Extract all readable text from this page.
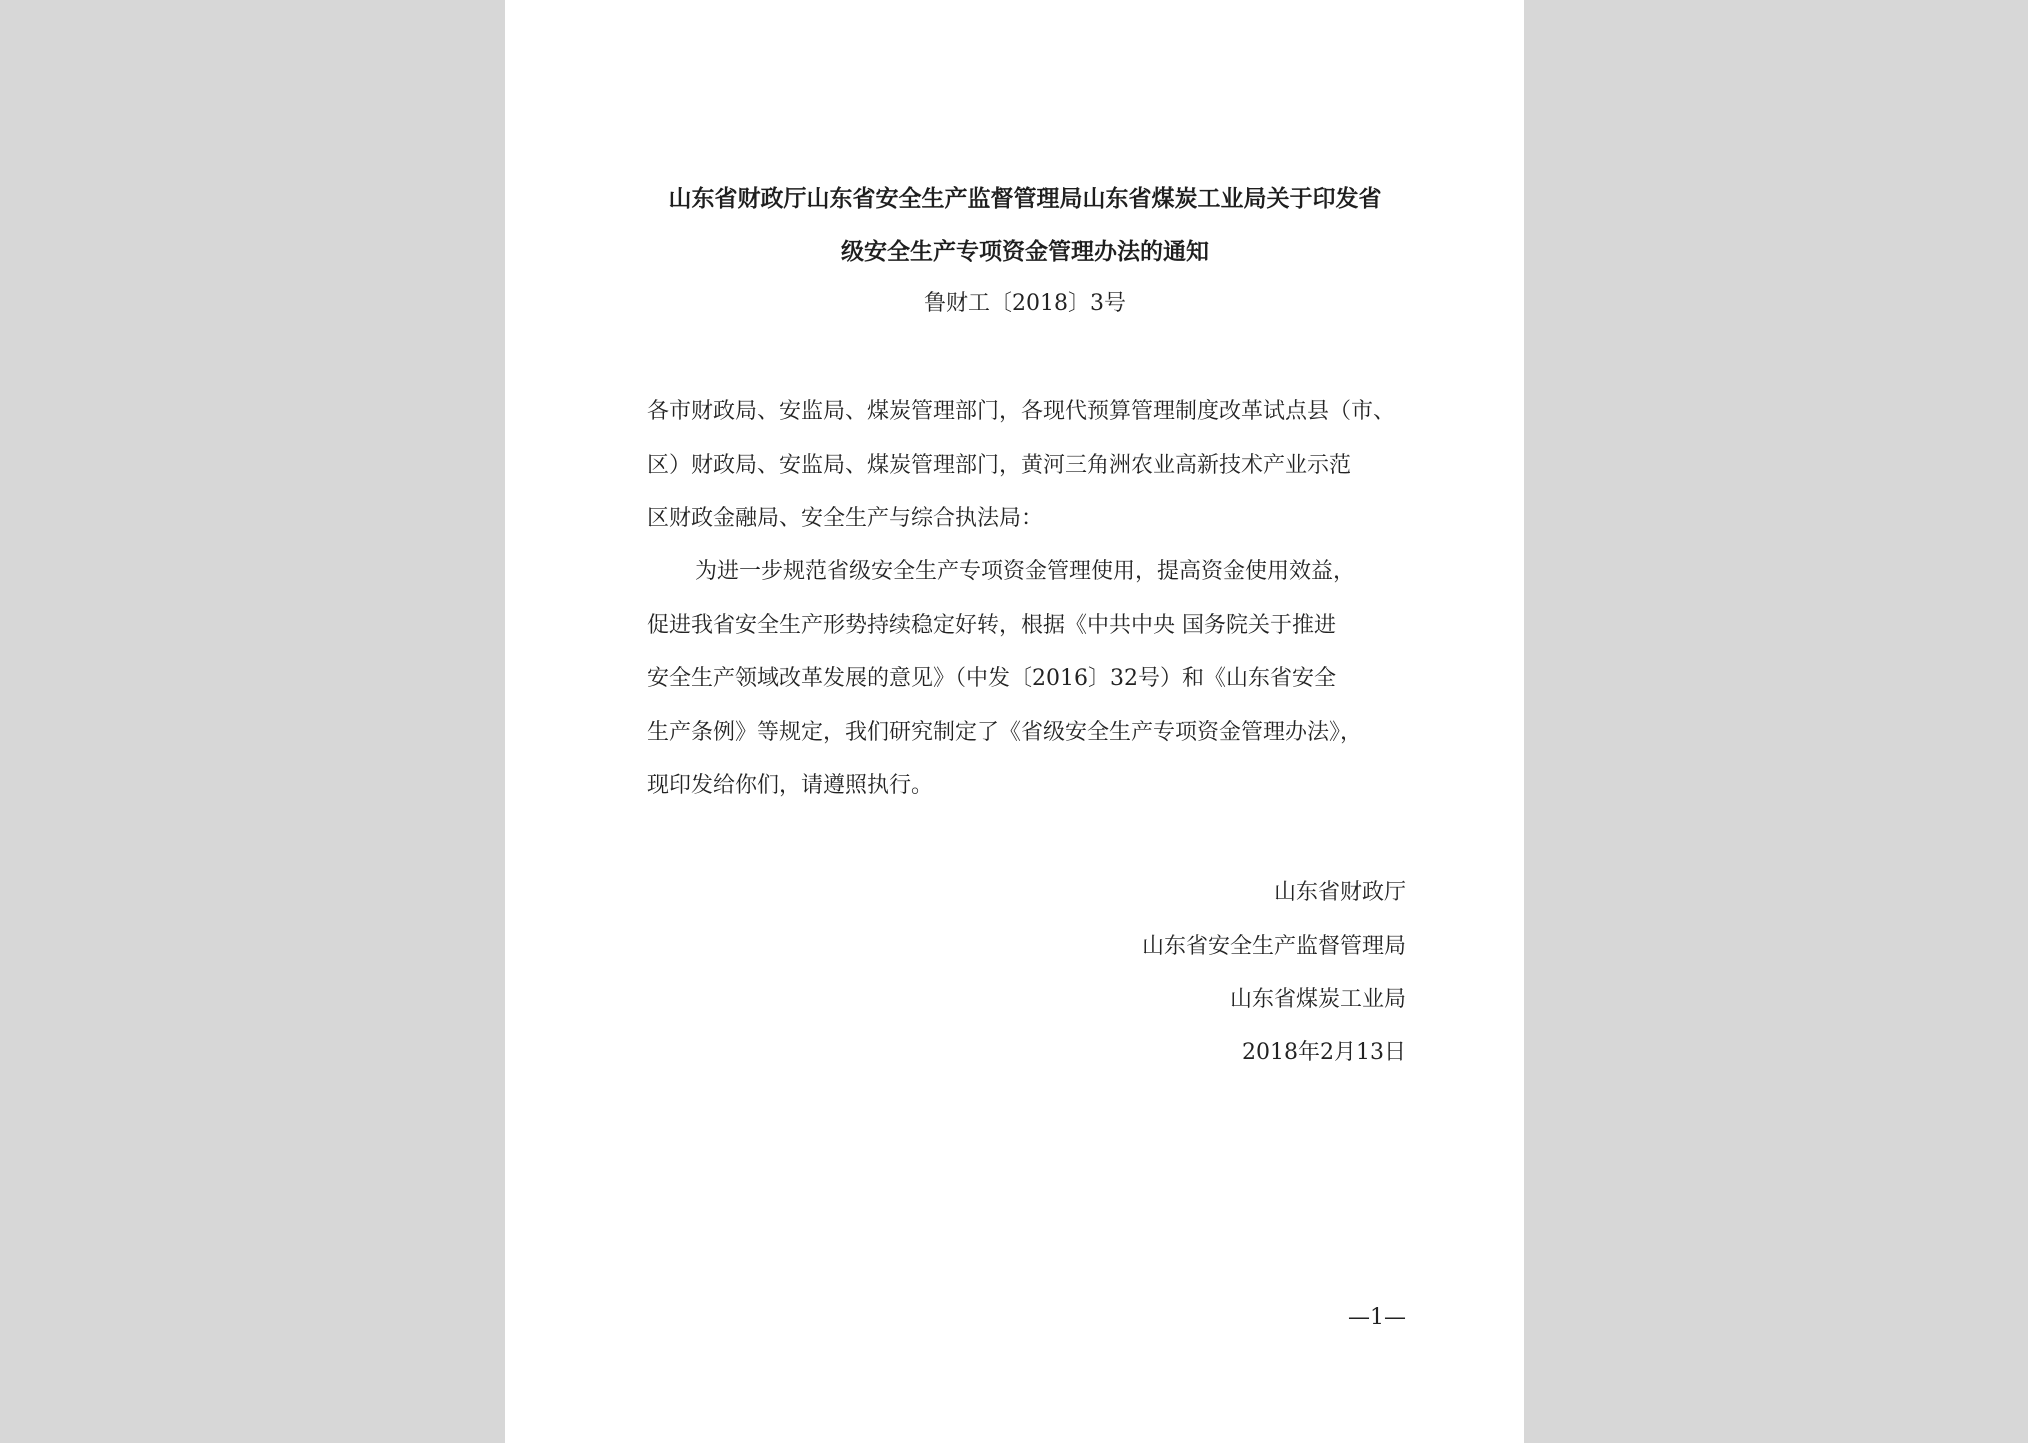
山东省财政厅山东省安全生产监督管理局山东省煤炭工业局关于印发省
级安全生产专项资金管理办法的通知
鲁财工〔2018〕3号
各市财政局、安监局、煤炭管理部门，各现代预算管理制度改革试点县（市、
区）财政局、安监局、煤炭管理部门，黄河三角洲农业高新技术产业示范
区财政金融局、安全生产与综合执法局：
为进一步规范省级安全生产专项资金管理使用，提高资金使用效益，
促进我省安全生产形势持续稳定好转，根据《中共中央 国务院关于推进
安全生产领域改革发展的意见》（中发〔2016〕32号）和《山东省安全
生产条例》等规定，我们研究制定了《省级安全生产专项资金管理办法》，
现印发给你们，请遵照执行。
山东省财政厅
山东省安全生产监督管理局
山东省煤炭工业局
2018年2月13日
—1—
